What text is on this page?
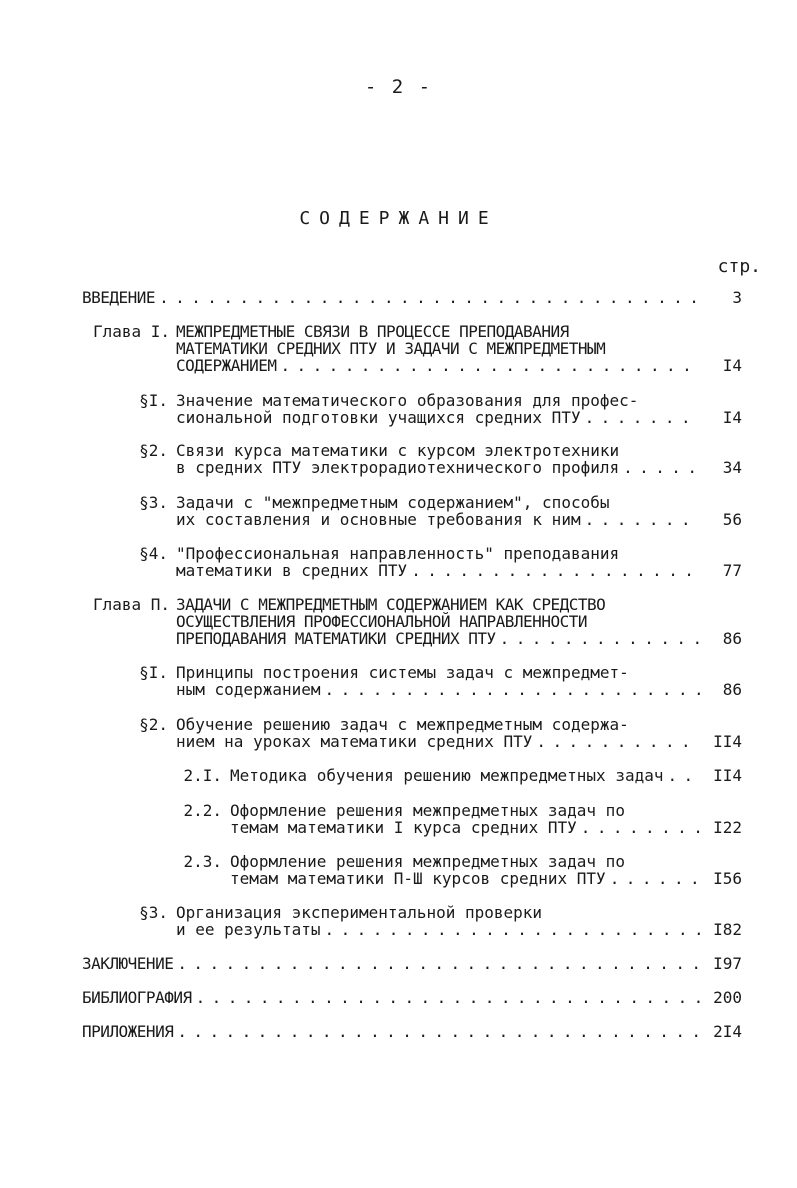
- 2 -
СОДЕРЖАНИЕ
стр.
ВВЕДЕНИЕ . . .	3
Глава I. МЕЖПРЕДМЕТНЫЕ СВЯЗИ В ПРОЦЕССЕ ПРЕПОДАВАНИЯ
МАТЕМАТИКИ СРЕДНИХ ПТУ И ЗАДАЧИ С МЕЖПРЕДМЕТНЫМ
СОДЕРЖАНИЕМ . . .	I4
§I. Значение математического образования для профес-
сиональной подготовки учащихся средних ПТУ . . .	I4
§2. Связи курса математики с курсом электротехники
в средних ПТУ электрорадиотехнического профиля . . .	34
§3. Задачи с "межпредметным содержанием", способы
их составления и основные требования к ним . . .	56
§4. "Профессиональная направленность" преподавания
математики в средних ПТУ . . .	77
Глава П. ЗАДАЧИ С МЕЖПРЕДМЕТНЫМ СОДЕРЖАНИЕМ КАК СРЕДСТВО
ОСУЩЕСТВЛЕНИЯ ПРОФЕССИОНАЛЬНОЙ НАПРАВЛЕННОСТИ
ПРЕПОДАВАНИЯ МАТЕМАТИКИ СРЕДНИХ ПТУ . . .	86
§I. Принципы построения системы задач с межпредмет-
ным содержанием . . .	86
§2. Обучение решению задач с межпредметным содержа-
нием на уроках математики средних ПТУ . . .	II4
2.I. Методика обучения решению межпредметных задач . . .	II4
2.2. Оформление решения межпредметных задач по
темам математики I курса средних ПТУ . . .	I22
2.3. Оформление решения межпредметных задач по
темам математики П-Ш курсов средних ПТУ . . .	I56
§3. Организация экспериментальной проверки
и ее результаты . . .	I82
ЗАКЛЮЧЕНИЕ . . .	I97
БИБЛИОГРАФИЯ . . .	200
ПРИЛОЖЕНИЯ . . .	2I4
